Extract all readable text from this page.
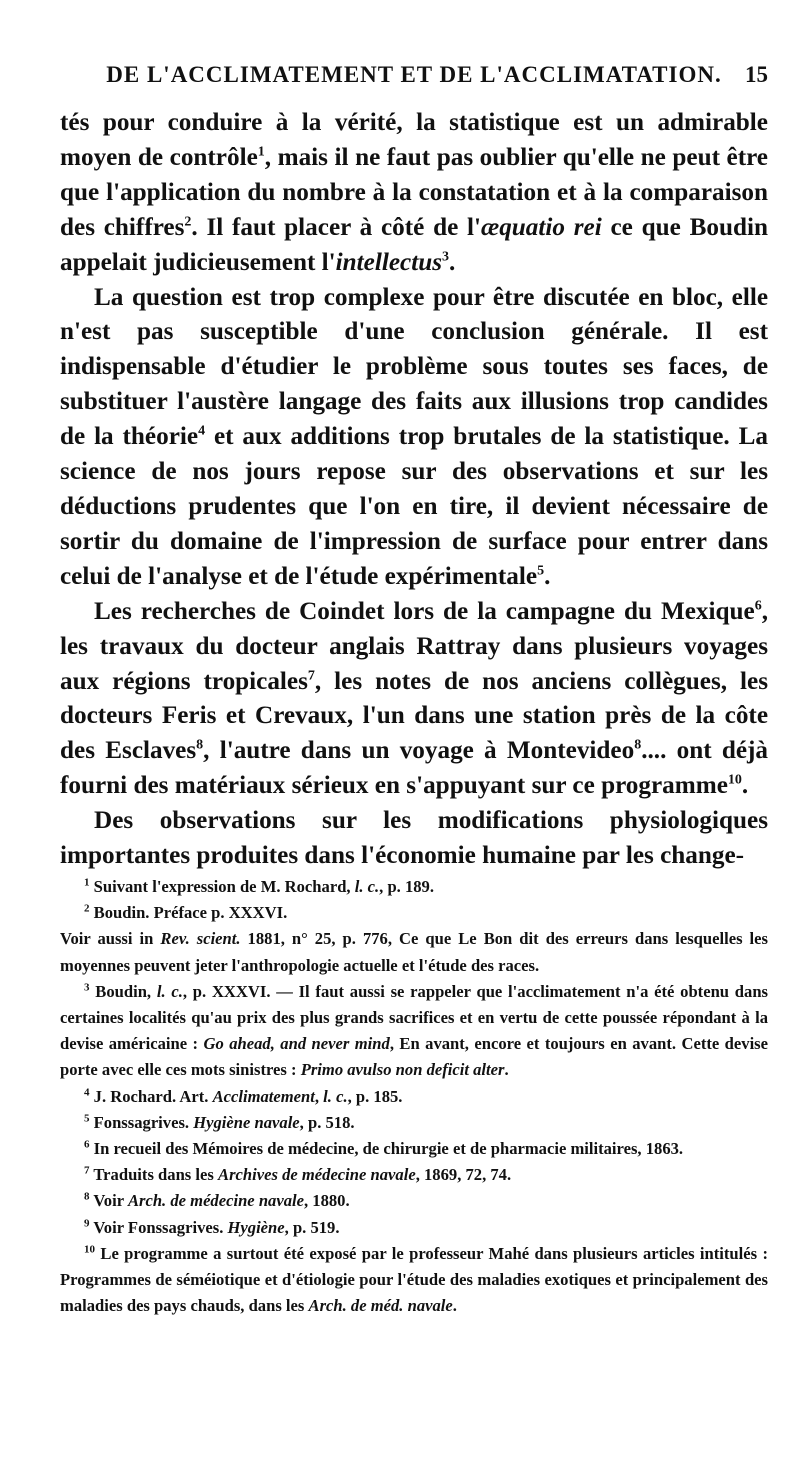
DE L'ACCLIMATEMENT ET DE L'ACCLIMATATION.	15

tés pour conduire à la vérité, la statistique est un admirable moyen de contrôle$^1$, mais il ne faut pas oublier qu'elle ne peut être que l'application du nombre à la constatation et à la comparaison des chiffres$^2$. Il faut placer à côté de l'æquatio rei ce que Boudin appelait judicieusement l'intellectus$^3$.

La question est trop complexe pour être discutée en bloc, elle n'est pas susceptible d'une conclusion générale. Il est indispensable d'étudier le problème sous toutes ses faces, de substituer l'austère langage des faits aux illusions trop candides de la théorie$^4$ et aux additions trop brutales de la statistique. La science de nos jours repose sur des observations et sur les déductions prudentes que l'on en tire, il devient nécessaire de sortir du domaine de l'impression de surface pour entrer dans celui de l'analyse et de l'étude expérimentale$^5$.

Les recherches de Coindet lors de la campagne du Mexique$^6$, les travaux du docteur anglais Rattray dans plusieurs voyages aux régions tropicales$^7$, les notes de nos anciens collègues, les docteurs Feris et Crevaux, l'un dans une station près de la côte des Esclaves$^8$, l'autre dans un voyage à Montevideo$^8$.... ont déjà fourni des matériaux sérieux en s'appuyant sur ce programme$^{10}$.

Des observations sur les modifications physiologiques importantes produites dans l'économie humaine par les change-

$^1$ Suivant l'expression de M. Rochard, l. c., p. 189.

$^2$ Boudin. Préface p. XXXVI.

Voir aussi in Rev. scient. 1881, n° 25, p. 776, Ce que Le Bon dit des erreurs dans lesquelles les moyennes peuvent jeter l'anthropologie actuelle et l'étude des races.

$^3$ Boudin, l. c., p. XXXVI. — Il faut aussi se rappeler que l'acclimatement n'a été obtenu dans certaines localités qu'au prix des plus grands sacrifices et en vertu de cette poussée répondant à la devise américaine : Go ahead, and never mind, En avant, encore et toujours en avant. Cette devise porte avec elle ces mots sinistres : Primo avulso non deficit alter.

$^4$ J. Rochard. Art. Acclimatement, l. c., p. 185.

$^5$ Fonssagrives. Hygiène navale, p. 518.

$^6$ In recueil des Mémoires de médecine, de chirurgie et de pharmacie militaires, 1863.

$^7$ Traduits dans les Archives de médecine navale, 1869, 72, 74.

$^8$ Voir Arch. de médecine navale, 1880.

$^9$ Voir Fonssagrives. Hygiène, p. 519.

$^{10}$ Le programme a surtout été exposé par le professeur Mahé dans plusieurs articles intitulés : Programmes de séméiotique et d'étiologie pour l'étude des maladies exotiques et principalement des maladies des pays chauds, dans les Arch. de méd. navale.
